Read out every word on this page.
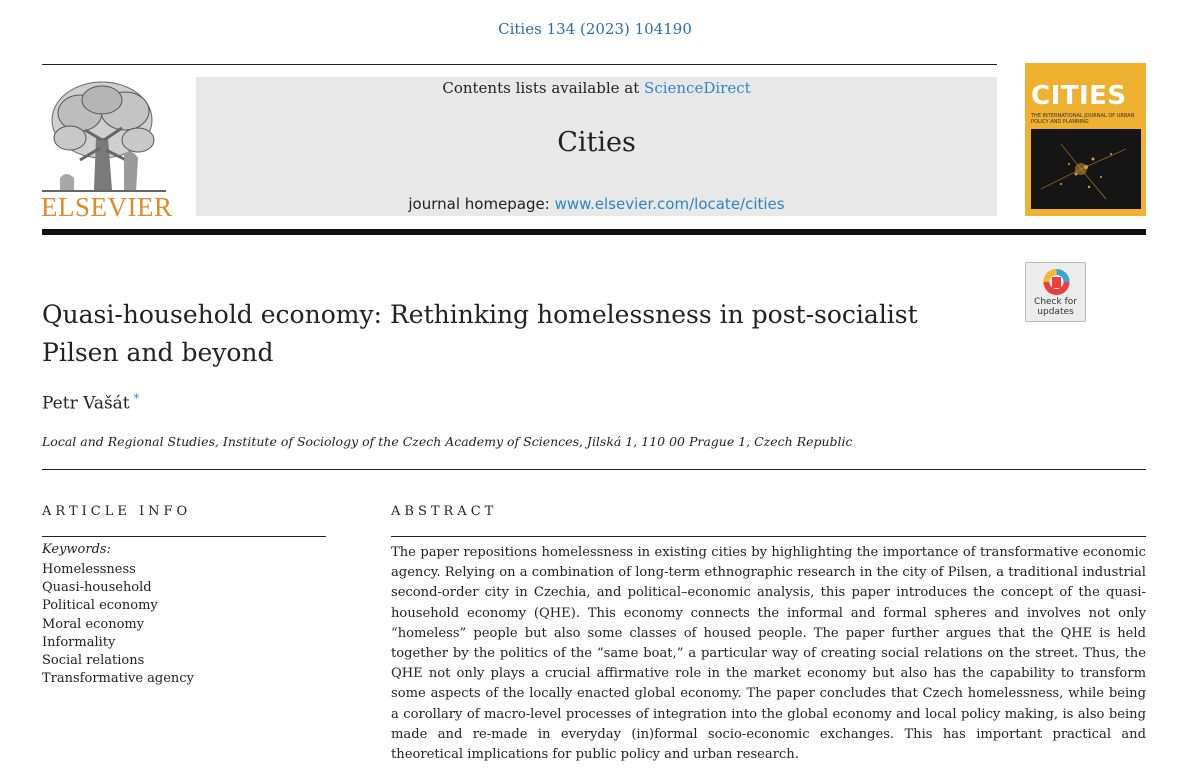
Cities 134 (2023) 104190
ELSEVIER
Contents lists available at ScienceDirect
Cities
journal homepage: www.elsevier.com/locate/cities
CITIES
THE INTERNATIONAL JOURNAL OF URBAN POLICY AND PLANNING
Check for
updates
Quasi-household economy: Rethinking homelessness in post-socialist Pilsen and beyond
Petr Vašát *
Local and Regional Studies, Institute of Sociology of the Czech Academy of Sciences, Jilská 1, 110 00 Prague 1, Czech Republic
ARTICLE INFO
Keywords:
Homelessness
Quasi-household
Political economy
Moral economy
Informality
Social relations
Transformative agency
ABSTRACT

The paper repositions homelessness in existing cities by highlighting the importance of transformative economic agency. Relying on a combination of long-term ethnographic research in the city of Pilsen, a traditional industrial second-order city in Czechia, and political–economic analysis, this paper introduces the concept of the quasi-household economy (QHE). This economy connects the informal and formal spheres and involves not only “homeless” people but also some classes of housed people. The paper further argues that the QHE is held together by the politics of the “same boat,” a particular way of creating social relations on the street. Thus, the QHE not only plays a crucial affirmative role in the market economy but also has the capability to transform some aspects of the locally enacted global economy. The paper concludes that Czech homelessness, while being a corollary of macro-level processes of integration into the global economy and local policy making, is also being made and re-made in everyday (in)formal socio-economic exchanges. This has important practical and theoretical implications for public policy and urban research.
